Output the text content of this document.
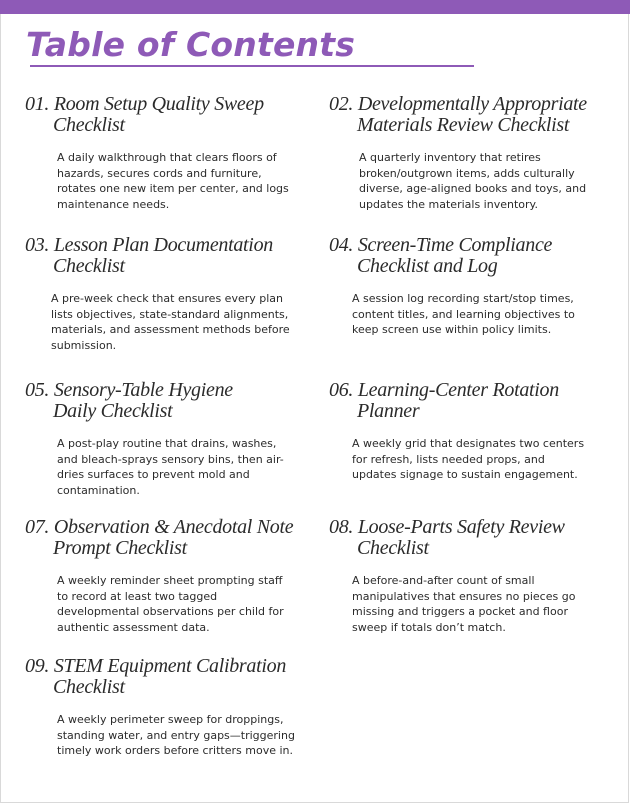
Table of Contents
01. Room Setup Quality Sweep
Checklist

A daily walkthrough that clears floors of hazards, secures cords and furniture, rotates one new item per center, and logs maintenance needs.

02. Developmentally Appropriate
Materials Review Checklist

A quarterly inventory that retires broken/outgrown items, adds culturally diverse, age-aligned books and toys, and updates the materials inventory.

03. Lesson Plan Documentation
Checklist

A pre-week check that ensures every plan lists objectives, state-standard alignments, materials, and assessment methods before submission.

04. Screen-Time Compliance
Checklist and Log

A session log recording start/stop times, content titles, and learning objectives to keep screen use within policy limits.

05. Sensory-Table Hygiene
Daily Checklist

A post-play routine that drains, washes, and bleach-sprays sensory bins, then air-dries surfaces to prevent mold and contamination.

06. Learning-Center Rotation
Planner

A weekly grid that designates two centers for refresh, lists needed props, and updates signage to sustain engagement.

07. Observation & Anecdotal Note
Prompt Checklist

A weekly reminder sheet prompting staff to record at least two tagged developmental observations per child for authentic assessment data.

08. Loose-Parts Safety Review
Checklist

A before-and-after count of small manipulatives that ensures no pieces go missing and triggers a pocket and floor sweep if totals don’t match.

09. STEM Equipment Calibration
Checklist

A weekly perimeter sweep for droppings, standing water, and entry gaps—triggering timely work orders before critters move in.
